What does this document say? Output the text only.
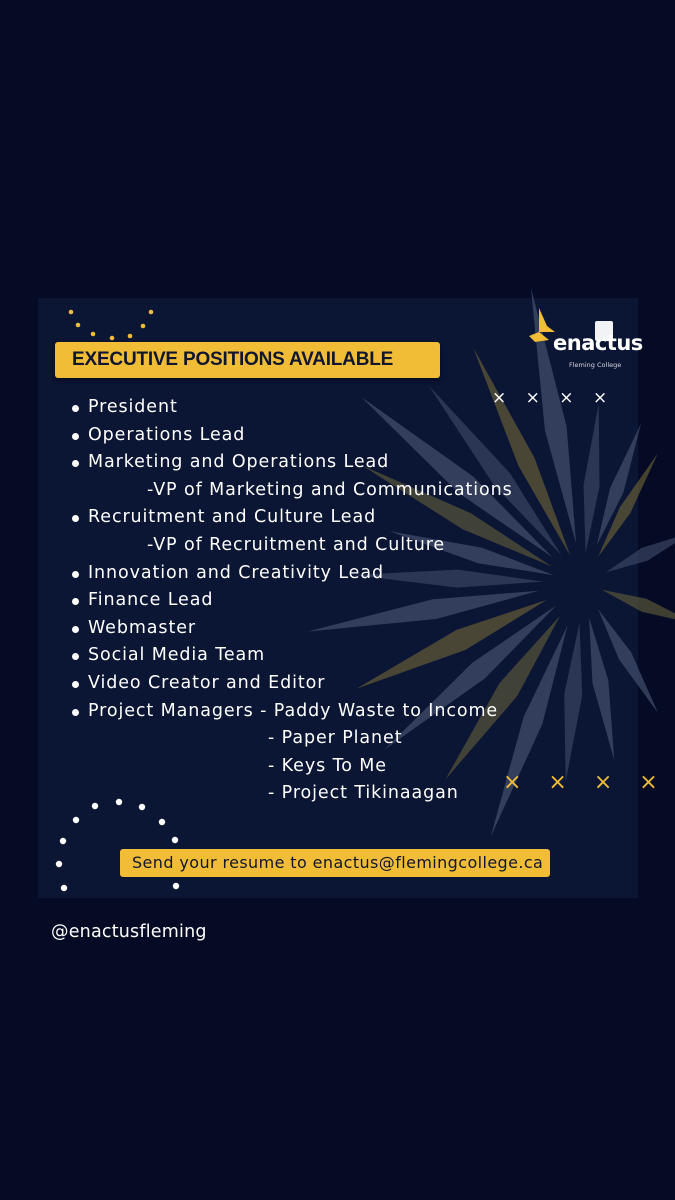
enactus
Fleming College
EXECUTIVE POSITIONS AVAILABLE
× × × ×
President
Operations Lead
Marketing and Operations Lead
-VP of Marketing and Communications
Recruitment and Culture Lead
-VP of Recruitment and Culture
Innovation and Creativity Lead
Finance Lead
Webmaster
Social Media Team
Video Creator and Editor
Project Managers - Paddy Waste to Income
- Paper Planet
- Keys To Me
- Project Tikinaagan	× × × ×
Send your resume to enactus@flemingcollege.ca
@enactusfleming
